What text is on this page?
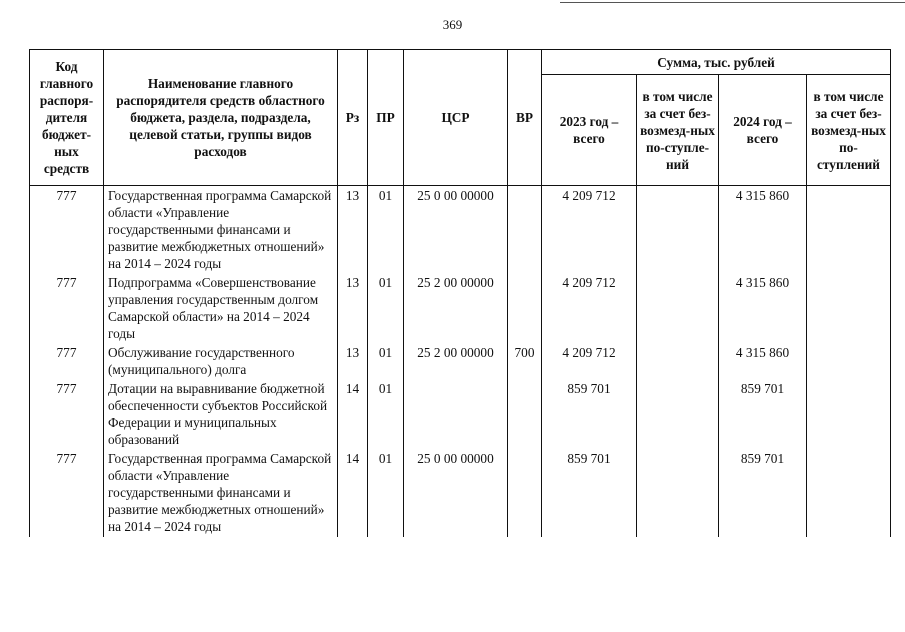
369
Код главного распоря-дителя бюджет-ных средств	Наименование главного распорядителя средств областного бюджета, раздела, подраздела, целевой статьи, группы видов расходов	Рз	ПР	ЦСР	ВР	Сумма, тыс. рублей			
						2023 год – всего	в том числе за счет без-возмезд-ных по-ступле-ний	2024 год – всего	в том числе за счет без-возмезд-ных по-ступлений
777	Государственная программа Самарской области «Управление государственными финансами и развитие межбюджетных отношений» на 2014 – 2024 годы	13	01	25 0 00 00000		4 209 712		4 315 860	
777	Подпрограмма «Совершенствование управления государственным долгом Самарской области» на 2014 – 2024 годы	13	01	25 2 00 00000		4 209 712		4 315 860	
777	Обслуживание государственного (муниципального) долга	13	01	25 2 00 00000	700	4 209 712		4 315 860	
777	Дотации на выравнивание бюджетной обеспеченности субъектов Российской Федерации и муниципальных образований	14	01			859 701		859 701	
777	Государственная программа Самарской области «Управление государственными финансами и развитие межбюджетных отношений» на 2014 – 2024 годы	14	01	25 0 00 00000		859 701		859 701	
